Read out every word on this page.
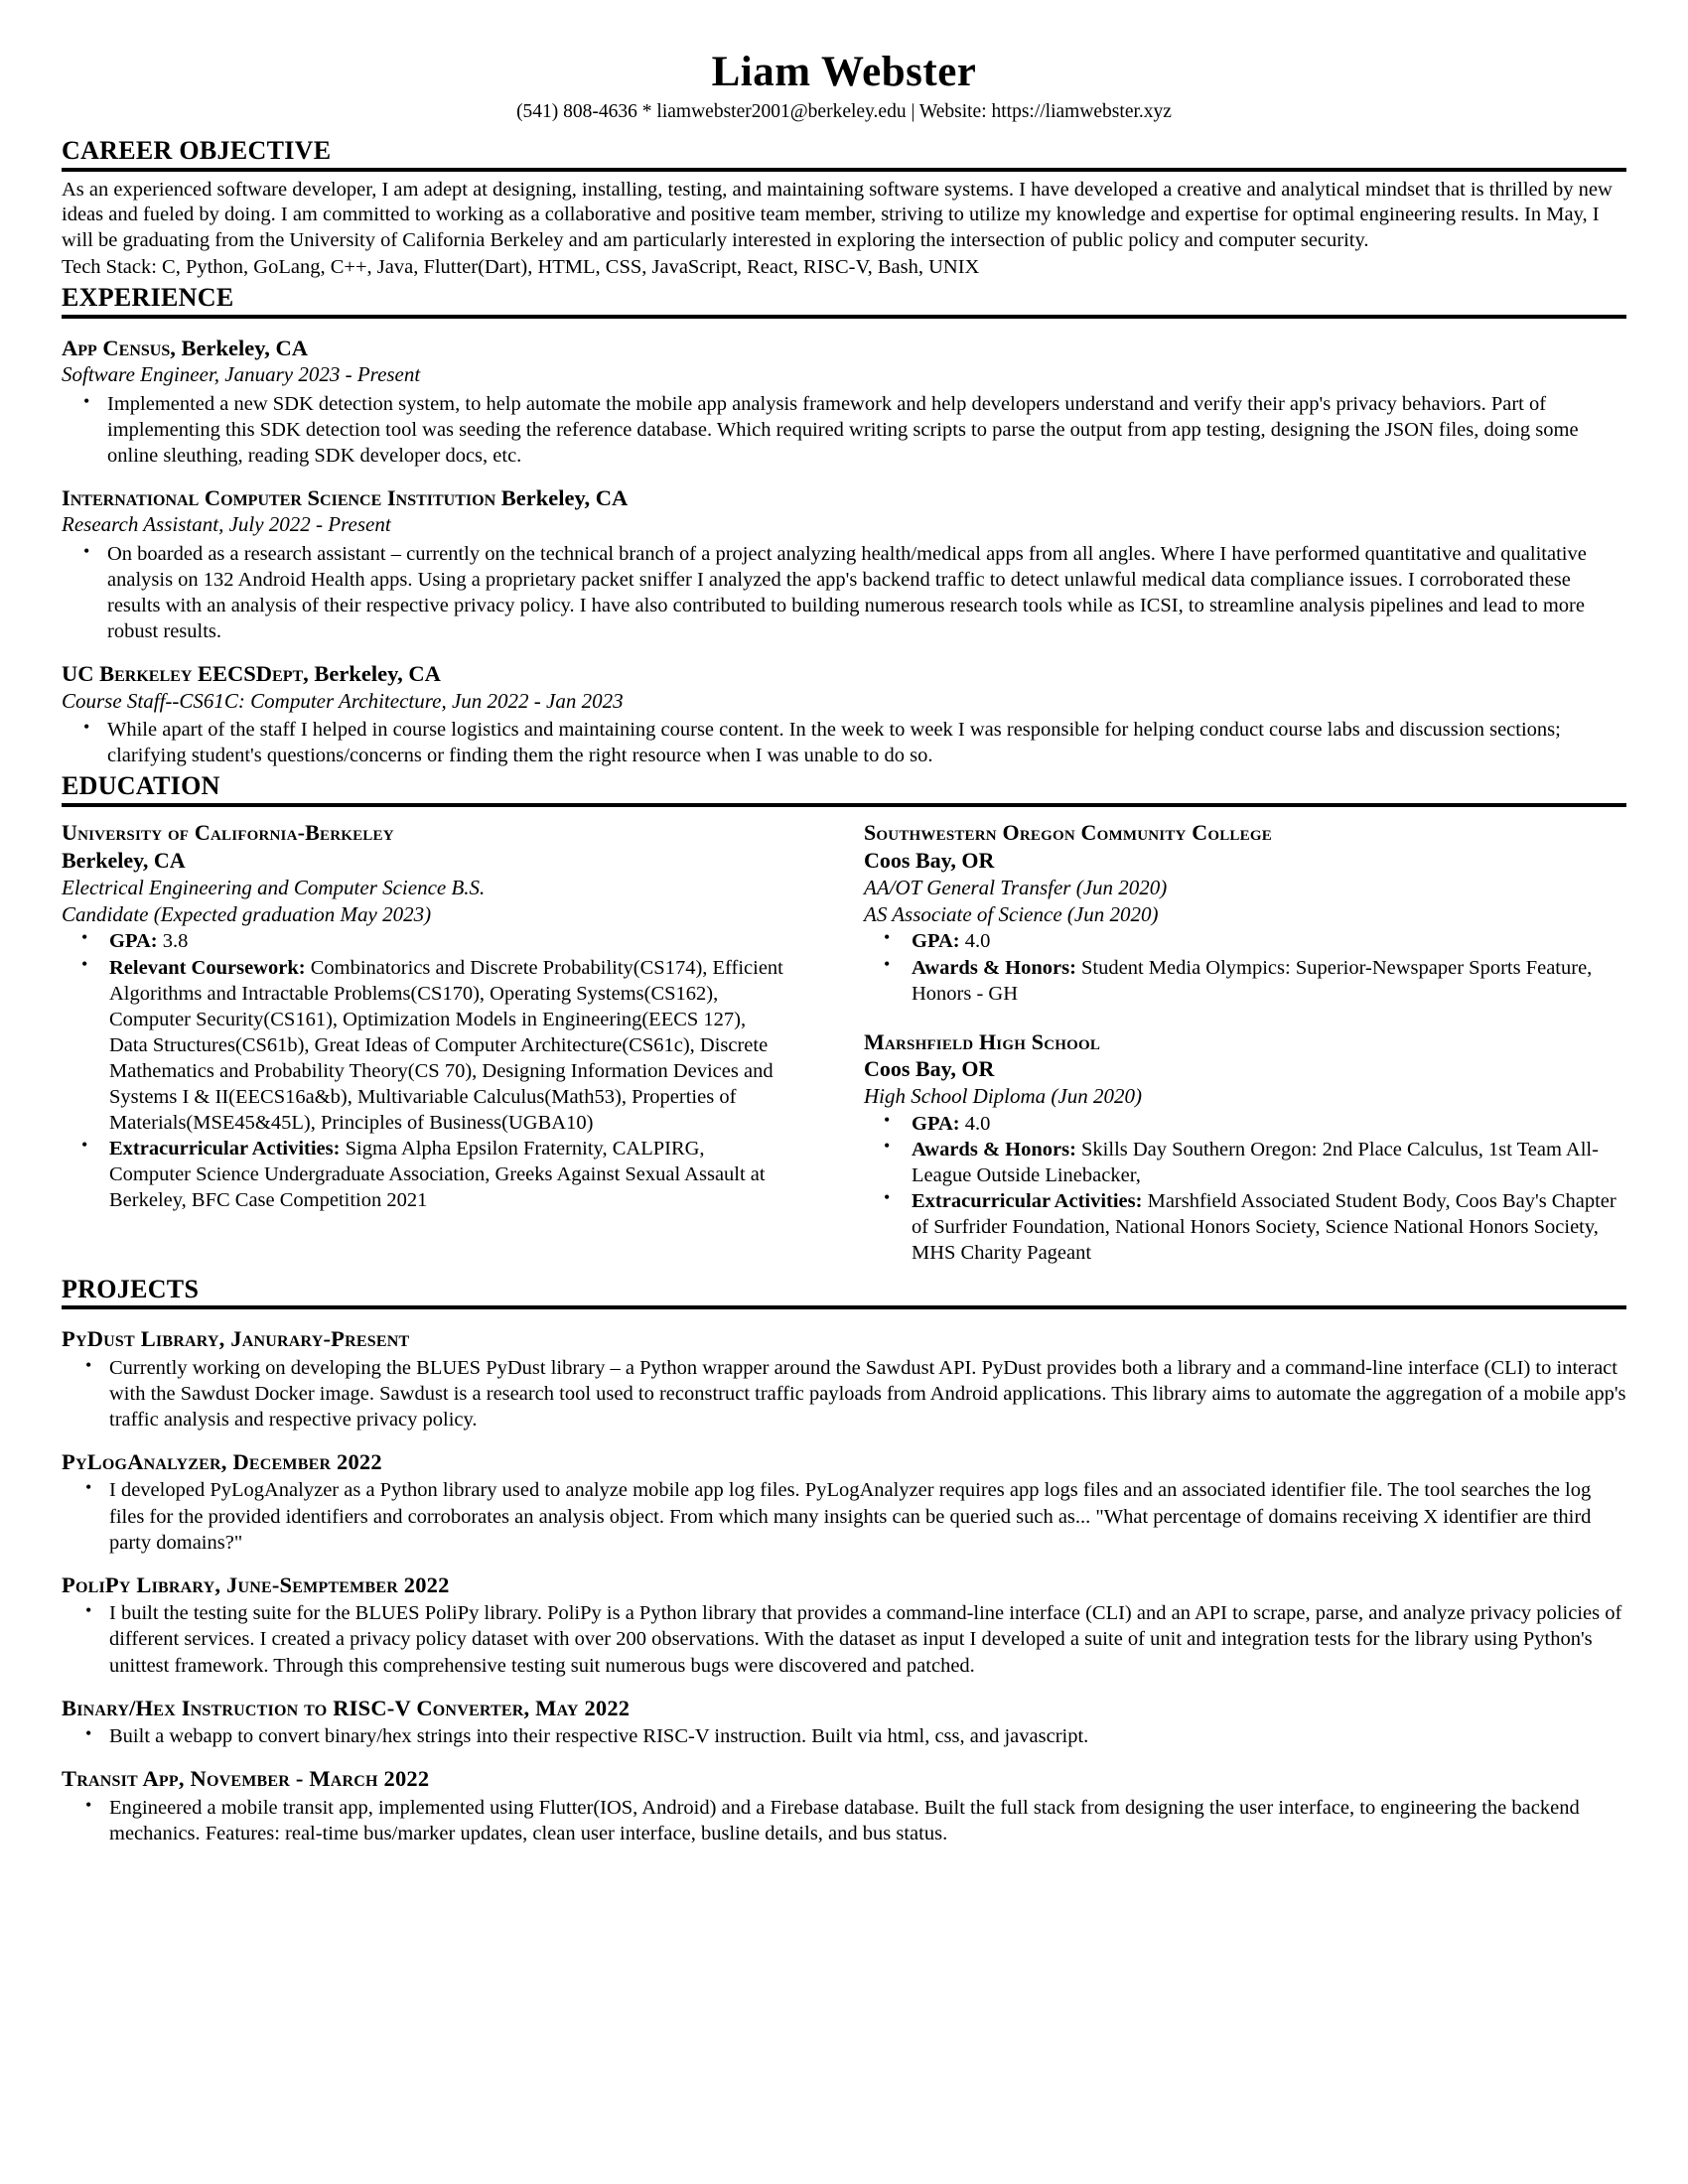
Liam Webster
(541) 808-4636 * liamwebster2001@berkeley.edu | Website: https://liamwebster.xyz
CAREER OBJECTIVE
As an experienced software developer, I am adept at designing, installing, testing, and maintaining software systems. I have developed a creative and analytical mindset that is thrilled by new ideas and fueled by doing. I am committed to working as a collaborative and positive team member, striving to utilize my knowledge and expertise for optimal engineering results. In May, I will be graduating from the University of California Berkeley and am particularly interested in exploring the intersection of public policy and computer security.
Tech Stack: C, Python, GoLang, C++, Java, Flutter(Dart), HTML, CSS, JavaScript, React, RISC-V, Bash, UNIX
EXPERIENCE
App Census, Berkeley, CA
Software Engineer, January 2023 - Present
• Implemented a new SDK detection system, to help automate the mobile app analysis framework and help developers understand and verify their app's privacy behaviors. Part of implementing this SDK detection tool was seeding the reference database. Which required writing scripts to parse the output from app testing, designing the JSON files, doing some online sleuthing, reading SDK developer docs, etc.
International Computer Science Institution Berkeley, CA
Research Assistant, July 2022 - Present
• On boarded as a research assistant – currently on the technical branch of a project analyzing health/medical apps from all angles. Where I have performed quantitative and qualitative analysis on 132 Android Health apps. Using a proprietary packet sniffer I analyzed the app's backend traffic to detect unlawful medical data compliance issues. I corroborated these results with an analysis of their respective privacy policy. I have also contributed to building numerous research tools while as ICSI, to streamline analysis pipelines and lead to more robust results.
UC Berkeley EECSDept, Berkeley, CA
Course Staff--CS61C: Computer Architecture, Jun 2022 - Jan 2023
• While apart of the staff I helped in course logistics and maintaining course content. In the week to week I was responsible for helping conduct course labs and discussion sections; clarifying student's questions/concerns or finding them the right resource when I was unable to do so.
EDUCATION
University of California-Berkeley
Berkeley, CA
Electrical Engineering and Computer Science B.S.
Candidate (Expected graduation May 2023)
• GPA: 3.8
• Relevant Coursework: Combinatorics and Discrete Probability(CS174), Efficient Algorithms and Intractable Problems(CS170), Operating Systems(CS162), Computer Security(CS161), Optimization Models in Engineering(EECS 127), Data Structures(CS61b), Great Ideas of Computer Architecture(CS61c), Discrete Mathematics and Probability Theory(CS 70), Designing Information Devices and Systems I & II(EECS16a&b), Multivariable Calculus(Math53), Properties of Materials(MSE45&45L), Principles of Business(UGBA10)
• Extracurricular Activities: Sigma Alpha Epsilon Fraternity, CALPIRG, Computer Science Undergraduate Association, Greeks Against Sexual Assault at Berkeley, BFC Case Competition 2021
Southwestern Oregon Community College
Coos Bay, OR
AA/OT General Transfer (Jun 2020)
AS Associate of Science (Jun 2020)
• GPA: 4.0
• Awards & Honors: Student Media Olympics: Superior-Newspaper Sports Feature, Honors - GH
Marshfield High School
Coos Bay, OR
High School Diploma (Jun 2020)
• GPA: 4.0
• Awards & Honors: Skills Day Southern Oregon: 2nd Place Calculus, 1st Team All-League Outside Linebacker,
• Extracurricular Activities: Marshfield Associated Student Body, Coos Bay's Chapter of Surfrider Foundation, National Honors Society, Science National Honors Society, MHS Charity Pageant
PROJECTS
PyDust Library, Janurary-Present
• Currently working on developing the BLUES PyDust library – a Python wrapper around the Sawdust API. PyDust provides both a library and a command-line interface (CLI) to interact with the Sawdust Docker image. Sawdust is a research tool used to reconstruct traffic payloads from Android applications. This library aims to automate the aggregation of a mobile app's traffic analysis and respective privacy policy.
PyLogAnalyzer, December 2022
• I developed PyLogAnalyzer as a Python library used to analyze mobile app log files. PyLogAnalyzer requires app logs files and an associated identifier file. The tool searches the log files for the provided identifiers and corroborates an analysis object. From which many insights can be queried such as... "What percentage of domains receiving X identifier are third party domains?"
PoliPy Library, June-Semptember 2022
• I built the testing suite for the BLUES PoliPy library. PoliPy is a Python library that provides a command-line interface (CLI) and an API to scrape, parse, and analyze privacy policies of different services. I created a privacy policy dataset with over 200 observations. With the dataset as input I developed a suite of unit and integration tests for the library using Python's unittest framework. Through this comprehensive testing suit numerous bugs were discovered and patched.
Binary/Hex Instruction to RISC-V Converter, May 2022
• Built a webapp to convert binary/hex strings into their respective RISC-V instruction. Built via html, css, and javascript.
Transit App, November - March 2022
• Engineered a mobile transit app, implemented using Flutter(IOS, Android) and a Firebase database. Built the full stack from designing the user interface, to engineering the backend mechanics. Features: real-time bus/marker updates, clean user interface, busline details, and bus status.
